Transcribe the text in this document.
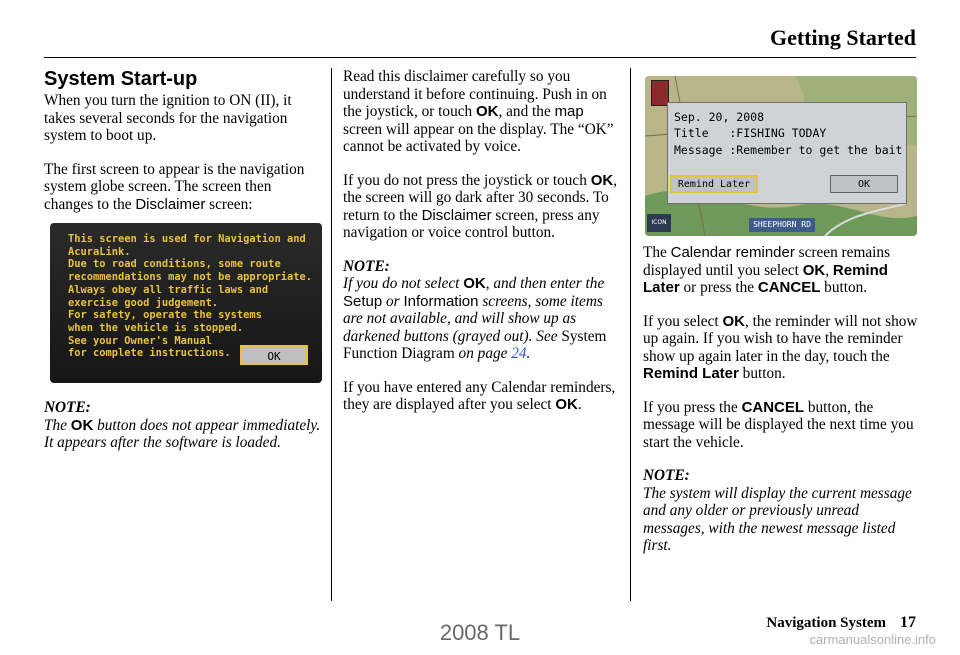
Getting Started
System Start-up

When you turn the ignition to ON (II), it takes several seconds for the navigation system to boot up.

The first screen to appear is the navigation system globe screen. The screen then changes to the Disclaimer screen:

This screen is used for Navigation and
AcuraLink.
Due to road conditions, some route
recommendations may not be appropriate.
Always obey all traffic laws and
exercise good judgement.
For safety, operate the systems
when the vehicle is stopped.
See your Owner's Manual
for complete instructions.	OK
NOTE:
The OK button does not appear immediately. It appears after the software is loaded.

Read this disclaimer carefully so you understand it before continuing. Push in on the joystick, or touch OK, and the map screen will appear on the display. The “OK” cannot be activated by voice.

If you do not press the joystick or touch OK, the screen will go dark after 30 seconds. To return to the Disclaimer screen, press any navigation or voice control button.

NOTE:

If you do not select OK, and then enter the Setup or Information screens, some items are not available, and will show up as darkened buttons (grayed out). See System Function Diagram on page 24.

If you have entered any Calendar reminders, they are displayed after you select OK.

Sep. 20, 2008
Title   :FISHING TODAY
Message :Remember to get the bait
Remind Later	OK
ICON	SHEEPHORN RD

The Calendar reminder screen remains displayed until you select OK, Remind Later or press the CANCEL button.

If you select OK, the reminder will not show up again. If you wish to have the reminder show up again later in the day, touch the Remind Later button.

If you press the CANCEL button, the message will be displayed the next time you start the vehicle.

NOTE:
The system will display the current message and any older or previously unread messages, with the newest message listed first.
Navigation System 17
2008 TL	carmanualsonline.info
